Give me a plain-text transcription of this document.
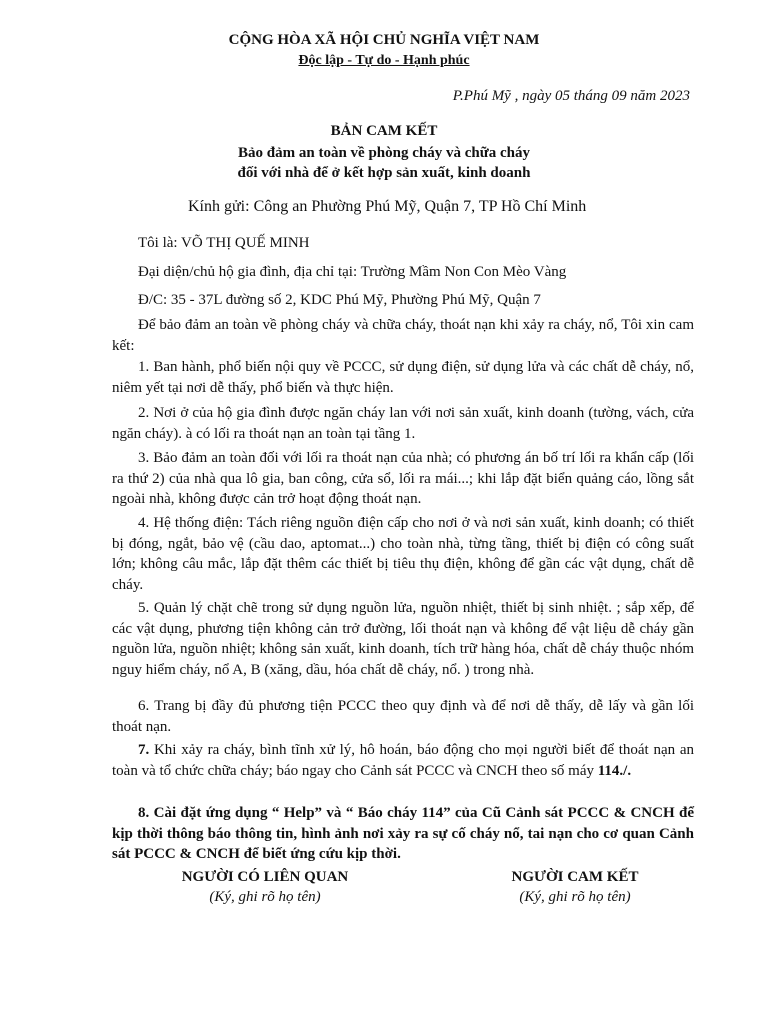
CỘNG HÒA XÃ HỘI CHỦ NGHĨA VIỆT NAM
Độc lập - Tự do - Hạnh phúc
P.Phú Mỹ , ngày 05 tháng 09 năm 2023
BẢN CAM KẾT
Bảo đảm an toàn về phòng cháy và chữa cháy
đối với nhà để ở kết hợp sản xuất, kinh doanh
Kính gửi: Công an Phường Phú Mỹ, Quận 7, TP Hồ Chí Minh
Tôi là: VÕ THỊ QUẾ MINH
Đại diện/chủ hộ gia đình, địa chỉ tại: Trường Mầm Non Con Mèo Vàng
Đ/C: 35 - 37L đường số 2, KDC Phú Mỹ, Phường Phú Mỹ, Quận 7
Để bảo đảm an toàn về phòng cháy và chữa cháy, thoát nạn khi xảy ra cháy, nổ, Tôi xin cam kết:
1. Ban hành, phổ biến nội quy về PCCC, sử dụng điện, sử dụng lửa và các chất dễ cháy, nổ, niêm yết tại nơi dễ thấy, phổ biến và thực hiện.
2. Nơi ở của hộ gia đình được ngăn cháy lan với nơi sản xuất, kinh doanh (tường, vách, cửa ngăn cháy). à có lối ra thoát nạn an toàn tại tầng 1.
3. Bảo đảm an toàn đối với lối ra thoát nạn của nhà; có phương án bố trí lối ra khẩn cấp (lối ra thứ 2) của nhà qua lô gia, ban công, cửa sổ, lối ra mái...; khi lắp đặt biển quảng cáo, lồng sắt ngoài nhà, không được cản trở hoạt động thoát nạn.
4. Hệ thống điện: Tách riêng nguồn điện cấp cho nơi ở và nơi sản xuất, kinh doanh; có thiết bị đóng, ngắt, bảo vệ (cầu dao, aptomat...) cho toàn nhà, từng tầng, thiết bị điện có công suất lớn; không câu mắc, lắp đặt thêm các thiết bị tiêu thụ điện, không để gần các vật dụng, chất dễ cháy.
5. Quản lý chặt chẽ trong sử dụng nguồn lửa, nguồn nhiệt, thiết bị sinh nhiệt. ; sắp xếp, để các vật dụng, phương tiện không cản trở đường, lối thoát nạn và không để vật liệu dễ cháy gần nguồn lửa, nguồn nhiệt; không sản xuất, kinh doanh, tích trữ hàng hóa, chất dễ cháy thuộc nhóm nguy hiểm cháy, nổ A, B (xăng, dầu, hóa chất dễ cháy, nổ. ) trong nhà.
6. Trang bị đầy đủ phương tiện PCCC theo quy định và để nơi dễ thấy, dễ lấy và gần lối thoát nạn.
7. Khi xảy ra cháy, bình tĩnh xử lý, hô hoán, báo động cho mọi người biết để thoát nạn an toàn và tổ chức chữa cháy; báo ngay cho Cảnh sát PCCC và CNCH theo số máy 114./.
8. Cài đặt ứng dụng “ Help” và “ Báo cháy 114” của Cũ Cảnh sát PCCC & CNCH để kịp thời thông báo thông tin, hình ảnh nơi xảy ra sự cố cháy nổ, tai nạn cho cơ quan Cảnh sát PCCC & CNCH để biết ứng cứu kịp thời.
NGƯỜI CÓ LIÊN QUAN
(Ký, ghi rõ họ tên)
NGƯỜI CAM KẾT
(Ký, ghi rõ họ tên)
